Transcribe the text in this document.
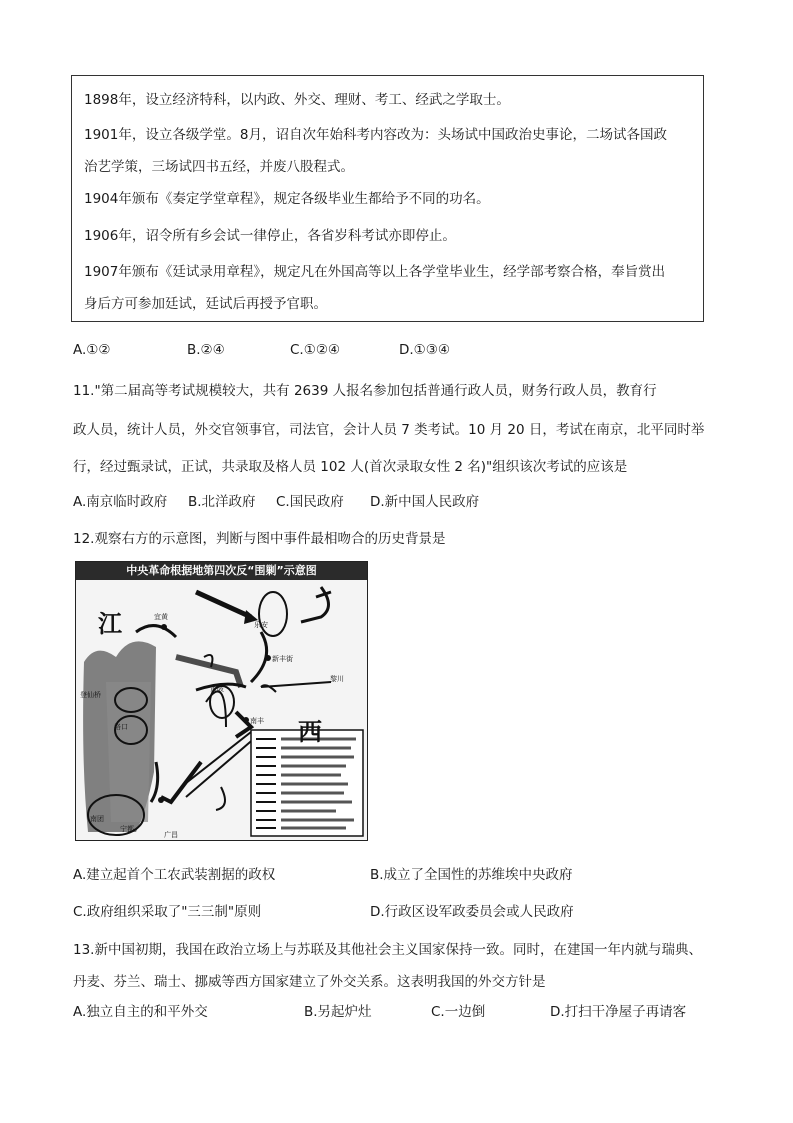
1898年，设立经济特科，以内政、外交、理财、考工、经武之学取士。
1901年，设立各级学堂。8月，诏自次年始科考内容改为：头场试中国政治史事论，二场试各国政
治艺学策，三场试四书五经，并废八股程式。
1904年颁布《奏定学堂章程》，规定各级毕业生都给予不同的功名。
1906年，诏令所有乡会试一律停止，各省岁科考试亦即停止。
1907年颁布《廷试录用章程》，规定凡在外国高等以上各学堂毕业生，经学部考察合格，奉旨赏出
身后方可参加廷试，廷试后再授予官职。
A.①②	B.②④	C.①②④	D.①③④
11."第二届高等考试规模较大，共有 2639 人报名参加包括普通行政人员，财务行政人员，教育行
政人员，统计人员，外交官领事官，司法官，会计人员 7 类考试。10 月 20 日，考试在南京，北平同时举
行，经过甄录试，正试，共录取及格人员 102 人(首次录取女性 2 名)"组织该次考试的应该是
A.南京临时政府 B.北洋政府 C.国民政府 D.新中国人民政府
12.观察右方的示意图，判断与图中事件最相吻合的历史背景是
中央革命根据地第四次反“围剿”示意图
江
西
宜黄
新丰街
乐安
登仙桥
黄陂
南丰
南团
宁都
广昌
黎川
洛口
A.建立起首个工农武装割据的政权	B.成立了全国性的苏维埃中央政府
C.政府组织采取了"三三制"原则	D.行政区设军政委员会或人民政府
13.新中国初期，我国在政治立场上与苏联及其他社会主义国家保持一致。同时，在建国一年内就与瑞典、
丹麦、芬兰、瑞士、挪威等西方国家建立了外交关系。这表明我国的外交方针是
A.独立自主的和平外交	B.另起炉灶	C.一边倒	D.打扫干净屋子再请客
